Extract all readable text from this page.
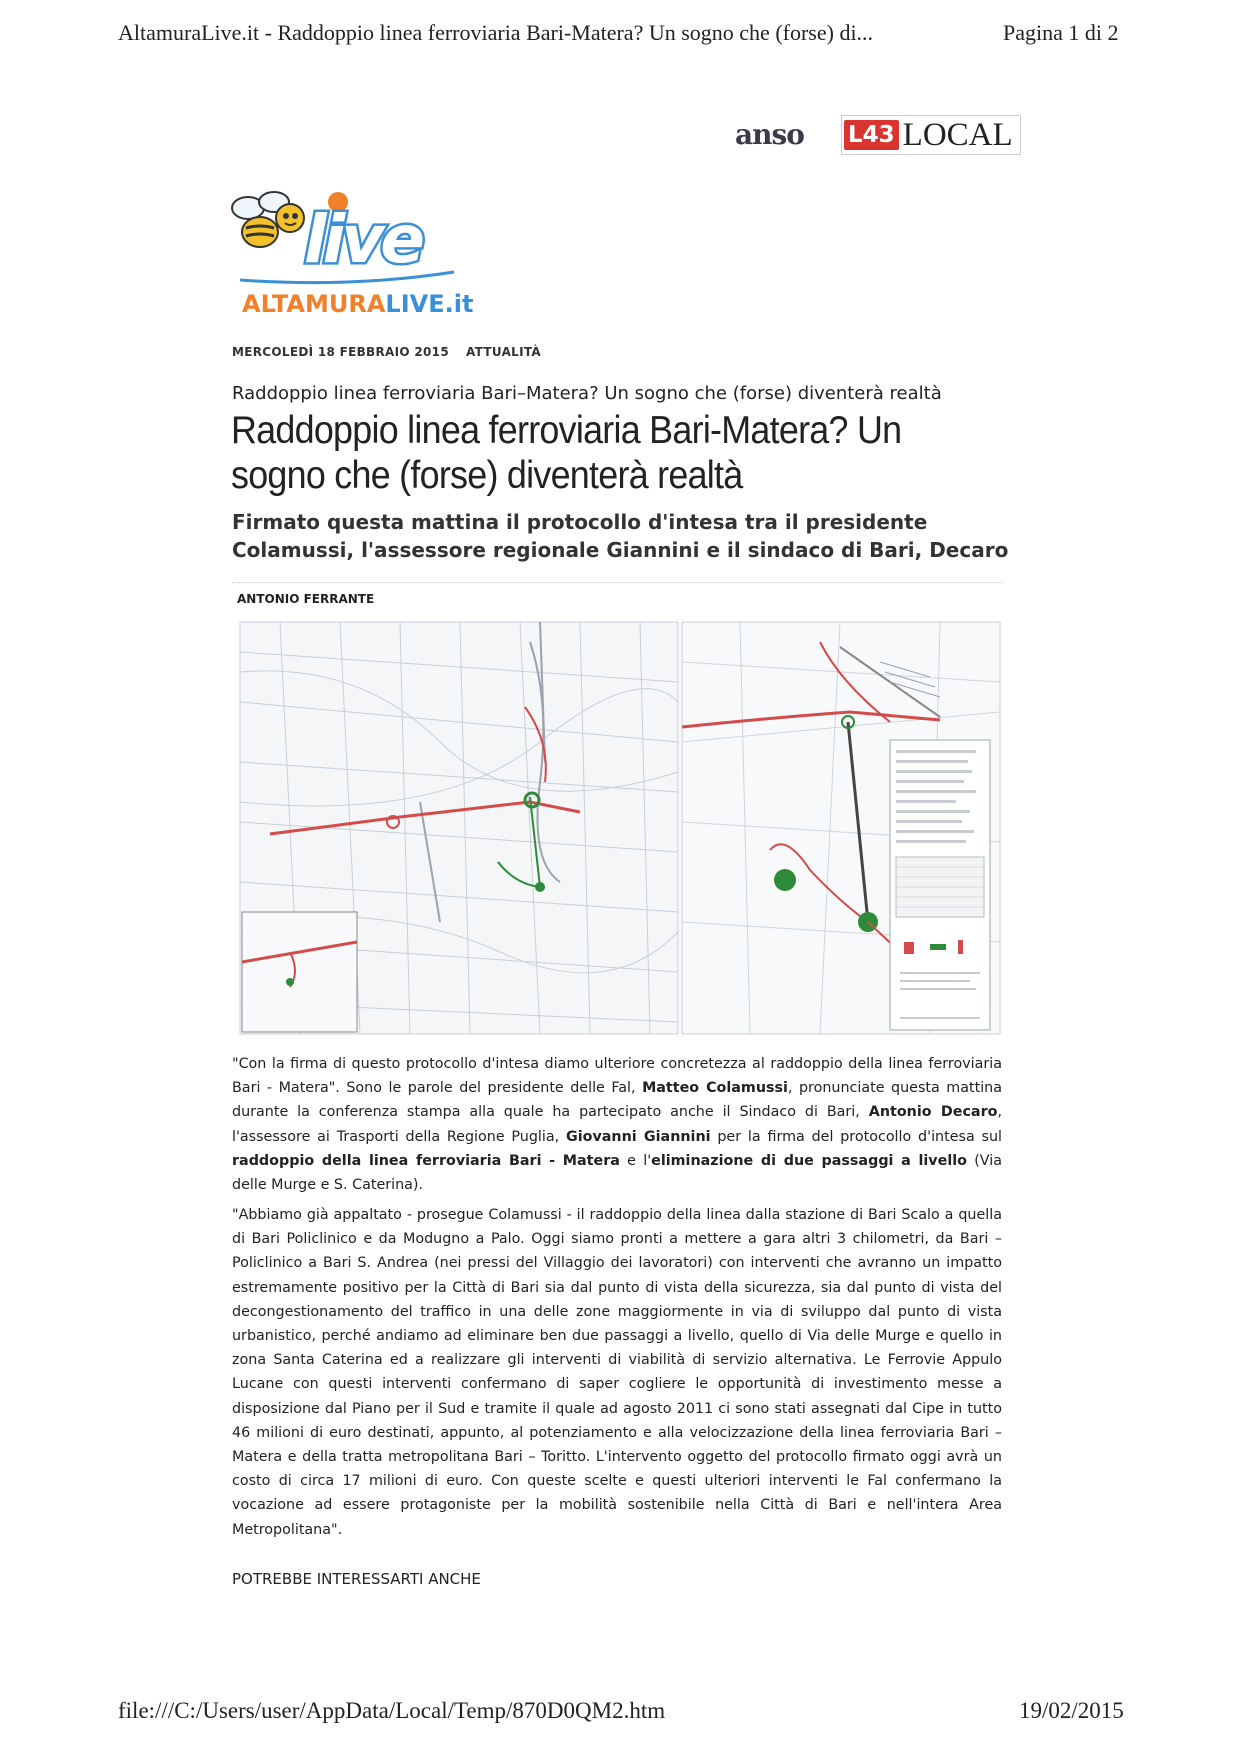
AltamuraLive.it - Raddoppio linea ferroviaria Bari-Matera? Un sogno che (forse) di...	Pagina 1 di 2
anso L43 LOCAL
live
ALTAMURALIVE.it
MERCOLEDÌ 18 FEBBRAIO 2015 ATTUALITÀ
Raddoppio linea ferroviaria Bari–Matera? Un sogno che (forse) diventerà realtà
Raddoppio linea ferroviaria Bari-Matera? Un sogno che (forse) diventerà realtà
Firmato questa mattina il protocollo d'intesa tra il presidente Colamussi, l'assessore regionale Giannini e il sindaco di Bari, Decaro
ANTONIO FERRANTE
"Con la firma di questo protocollo d'intesa diamo ulteriore concretezza al raddoppio della linea ferroviaria Bari - Matera". Sono le parole del presidente delle Fal, Matteo Colamussi, pronunciate questa mattina durante la conferenza stampa alla quale ha partecipato anche il Sindaco di Bari, Antonio Decaro, l'assessore ai Trasporti della Regione Puglia, Giovanni Giannini per la firma del protocollo d'intesa sul raddoppio della linea ferroviaria Bari - Matera e l'eliminazione di due passaggi a livello (Via delle Murge e S. Caterina).
"Abbiamo già appaltato - prosegue Colamussi - il raddoppio della linea dalla stazione di Bari Scalo a quella di Bari Policlinico e da Modugno a Palo. Oggi siamo pronti a mettere a gara altri 3 chilometri, da Bari – Policlinico a Bari S. Andrea (nei pressi del Villaggio dei lavoratori) con interventi che avranno un impatto estremamente positivo per la Città di Bari sia dal punto di vista della sicurezza, sia dal punto di vista del decongestionamento del traffico in una delle zone maggiormente in via di sviluppo dal punto di vista urbanistico, perché andiamo ad eliminare ben due passaggi a livello, quello di Via delle Murge e quello in zona Santa Caterina ed a realizzare gli interventi di viabilità di servizio alternativa. Le Ferrovie Appulo Lucane con questi interventi confermano di saper cogliere le opportunità di investimento messe a disposizione dal Piano per il Sud e tramite il quale ad agosto 2011 ci sono stati assegnati dal Cipe in tutto 46 milioni di euro destinati, appunto, al potenziamento e alla velocizzazione della linea ferroviaria Bari – Matera e della tratta metropolitana Bari – Toritto. L'intervento oggetto del protocollo firmato oggi avrà un costo di circa 17 milioni di euro. Con queste scelte e questi ulteriori interventi le Fal confermano la vocazione ad essere protagoniste per la mobilità sostenibile nella Città di Bari e nell'intera Area Metropolitana".
POTREBBE INTERESSARTI ANCHE
file:///C:/Users/user/AppData/Local/Temp/870D0QM2.htm	19/02/2015
